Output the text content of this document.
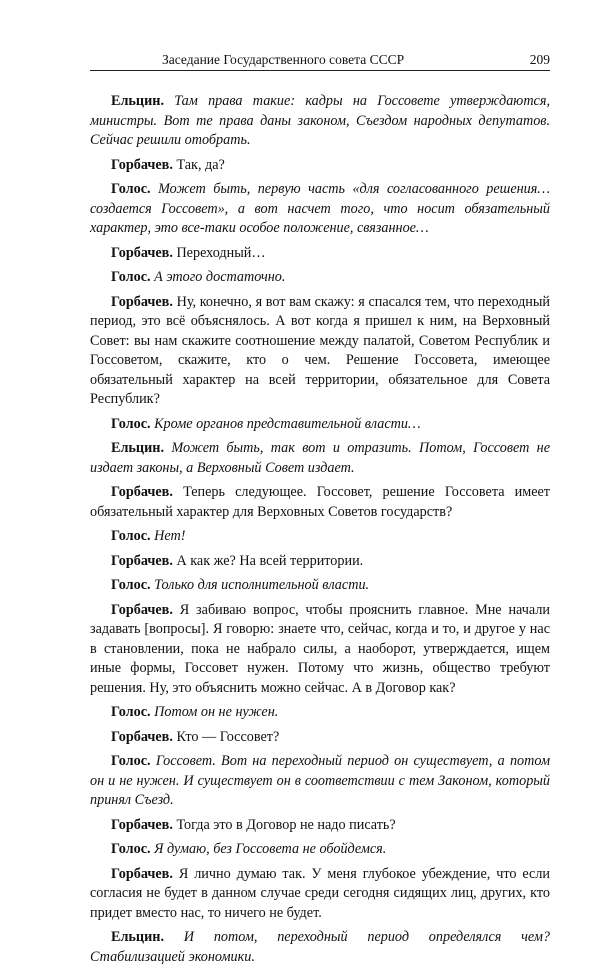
Заседание Государственного совета СССР	209

Ельцин. Там права такие: кадры на Госсовете утверждаются, министры. Вот те права даны законом, Съездом народных депутатов. Сейчас решили отобрать.

Горбачев. Так, да?

Голос. Может быть, первую часть «для согласованного решения… создается Госсовет», а вот насчет того, что носит обязательный характер, это все-таки особое положение, связанное…

Горбачев. Переходный…

Голос. А этого достаточно.

Горбачев. Ну, конечно, я вот вам скажу: я спасался тем, что переходный период, это всё объяснялось. А вот когда я пришел к ним, на Верховный Совет: вы нам скажите соотношение между палатой, Советом Республик и Госсоветом, скажите, кто о чем. Решение Госсовета, имеющее обязательный характер на всей территории, обязательное для Совета Республик?

Голос. Кроме органов представительной власти…

Ельцин. Может быть, так вот и отразить. Потом, Госсовет не издает законы, а Верховный Совет издает.

Горбачев. Теперь следующее. Госсовет, решение Госсовета имеет обязательный характер для Верховных Советов государств?

Голос. Нет!

Горбачев. А как же? На всей территории.

Голос. Только для исполнительной власти.

Горбачев. Я забиваю вопрос, чтобы прояснить главное. Мне начали задавать [вопросы]. Я говорю: знаете что, сейчас, когда и то, и другое у нас в становлении, пока не набрало силы, а наоборот, утверждается, ищем иные формы, Госсовет нужен. Потому что жизнь, общество требуют решения. Ну, это объяснить можно сейчас. А в Договор как?

Голос. Потом он не нужен.

Горбачев. Кто — Госсовет?

Голос. Госсовет. Вот на переходный период он существует, а потом он и не нужен. И существует он в соответствии с тем Законом, который принял Съезд.

Горбачев. Тогда это в Договор не надо писать?

Голос. Я думаю, без Госсовета не обойдемся.

Горбачев. Я лично думаю так. У меня глубокое убеждение, что если согласия не будет в данном случае среди сегодня сидящих лиц, других, кто придет вместо нас, то ничего не будет.

Ельцин. И потом, переходный период определялся чем? Стабилизацией экономики.
